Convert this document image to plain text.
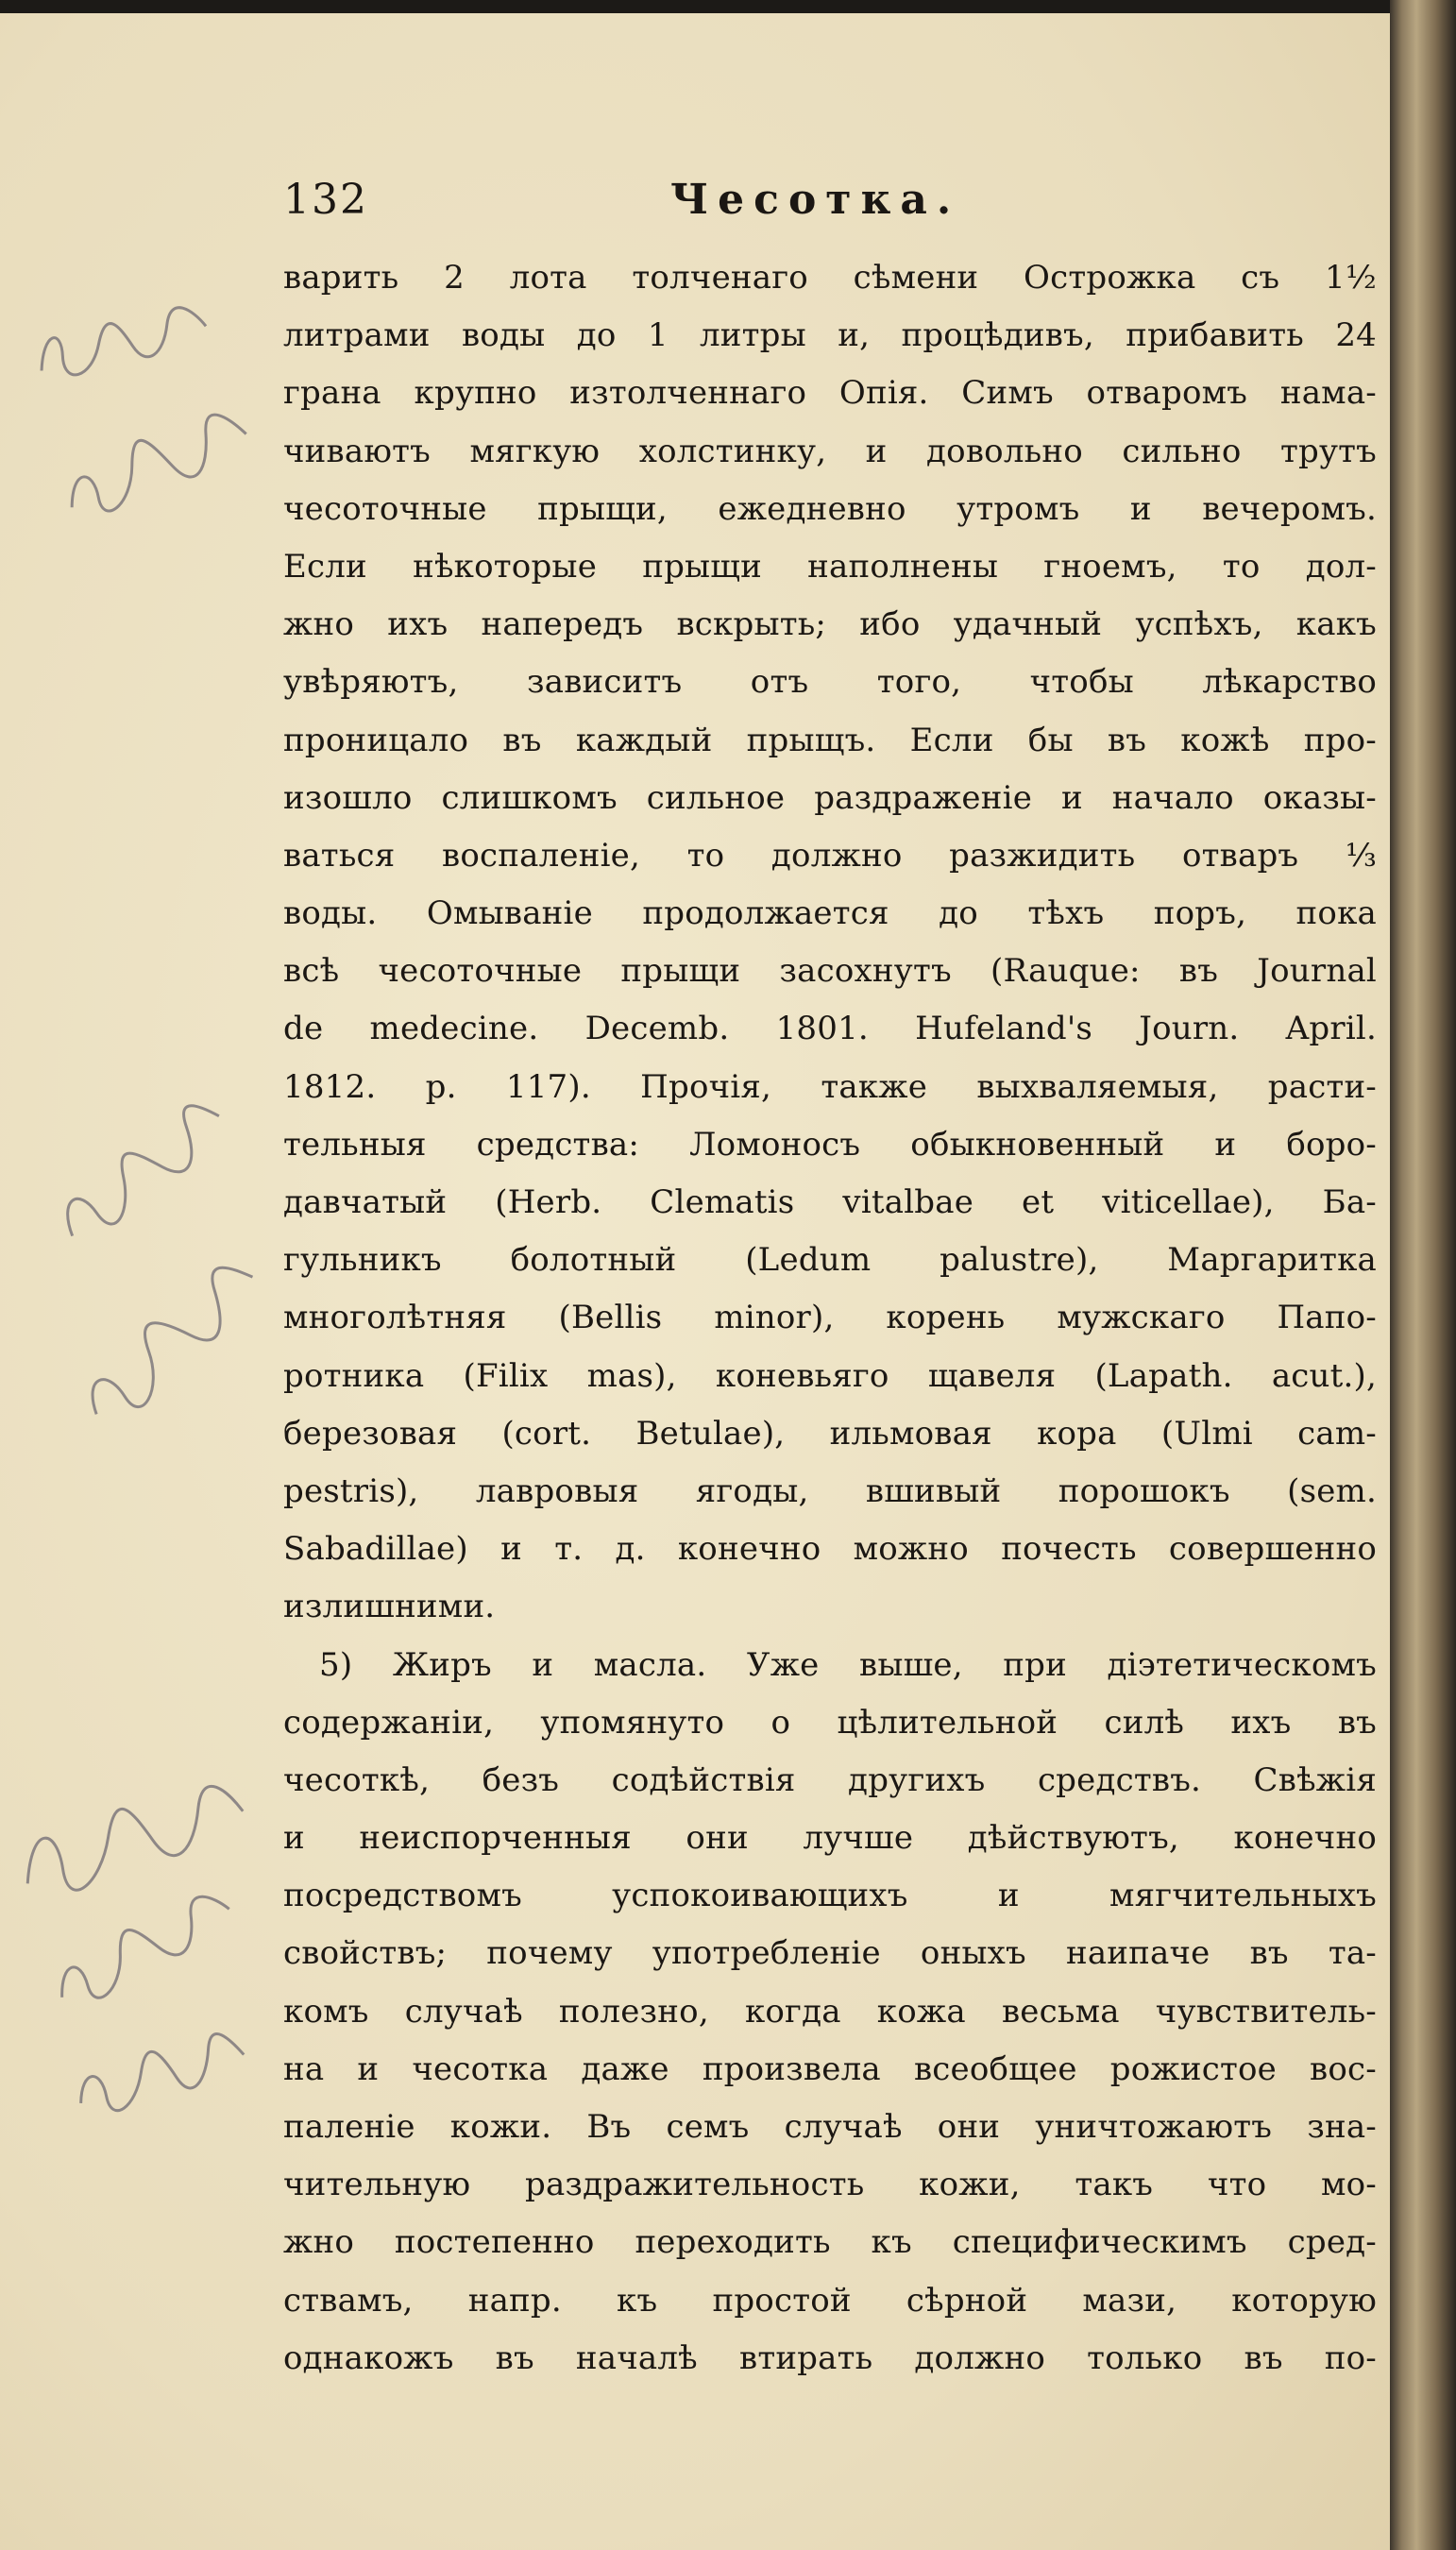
132	Чесотка.
варить 2 лота толченаго сѣмени Острожка съ 1½
литрами воды до 1 литры и, процѣдивъ, прибавить 24
грана крупно изтолченнаго Опія. Симъ отваромъ нама-
чиваютъ мягкую холстинку, и довольно сильно трутъ
чесоточные прыщи, ежедневно утромъ и вечеромъ.
Если нѣкоторые прыщи наполнены гноемъ, то дол-
жно ихъ напередъ вскрыть; ибо удачный успѣхъ, какъ
увѣряютъ, зависитъ отъ того, чтобы лѣкарство
проницало въ каждый прыщъ. Если бы въ кожѣ про-
изошло слишкомъ сильное раздраженіе и начало оказы-
ваться воспаленіе, то должно разжидить отваръ ⅓
воды. Омываніе продолжается до тѣхъ поръ, пока
всѣ чесоточные прыщи засохнутъ (Rauque: въ Journal
de medecine. Decemb. 1801. Hufeland's Journ. April.
1812. p. 117). Прочія, также выхваляемыя, расти-
тельныя средства: Ломоносъ обыкновенный и боро-
давчатый (Herb. Clematis vitalbae et viticellae), Ба-
гульникъ болотный (Ledum palustre), Маргаритка
многолѣтняя (Bellis minor), корень мужскаго Папо-
ротника (Filix mas), коневьяго щавеля (Lapath. acut.),
березовая (cort. Betulae), ильмовая кора (Ulmi cam-
pestris), лавровыя ягоды, вшивый порошокъ (sem.
Sabadillae) и т. д. конечно можно почесть совершенно
излишними.
5) Жиръ и масла. Уже выше, при діэтетическомъ
содержаніи, упомянуто о цѣлительной силѣ ихъ въ
чесоткѣ, безъ содѣйствія другихъ средствъ. Свѣжія
и неиспорченныя они лучше дѣйствуютъ, конечно
посредствомъ успокоивающихъ и мягчительныхъ
свойствъ; почему употребленіе оныхъ наипаче въ та-
комъ случаѣ полезно, когда кожа весьма чувствитель-
на и чесотка даже произвела всеобщее рожистое вос-
паленіе кожи. Въ семъ случаѣ они уничтожаютъ зна-
чительную раздражительность кожи, такъ что мо-
жно постепенно переходить къ специфическимъ сред-
ствамъ, напр. къ простой сѣрной мази, которую
однакожъ въ началѣ втирать должно только въ по-
